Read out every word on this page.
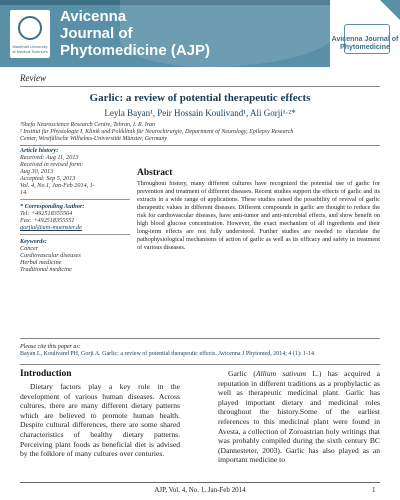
Mashhad University of Medical Sciences
Avicenna
Journal of
Phytomedicine (AJP)
Avicenna Journal of Phytomedicine
Review
Garlic: a review of potential therapeutic effects
Leyla Bayan¹, Peir Hossain Koulivand¹, Ali Gorji¹·²*
¹Shefa Neuroscience Research Centre, Tehran, I. R. Iran
² Institut für Physiologie I, Klinik und Poliklinik für Neurochirurgie, Department of Neurology, Epilepsy Research
Center, Westfälische Wilhelms-Universität Münster, Germany
Article history:
Received: Aug 11, 2013
Received in revised form:
Aug 30, 2013
Accepted: Sep 5, 2013
Vol. 4, No.1, Jan-Feb 2014, 1-
14.
* Corresponding Author:
Tel: +492518355564
Fax: +492518355551
gorjial@uni-muenster.de
Keywords:
Cancer
Cardiovascular diseases
Herbal medicine
Traditional medicine
Abstract
Throughout history, many different cultures have recognized the potential use of garlic for prevention and treatment of different diseases. Recent studies support the effects of garlic and its extracts in a wide range of applications. These studies raised the possibility of revival of garlic therapeutic values in different diseases. Different compounds in garlic are thought to reduce the risk for cardiovascular diseases, have anti-tumor and anti-microbial effects, and show benefit on high blood glucose concentration. However, the exact mechanism of all ingredients and their long-term effects are not fully understood. Further studies are needed to elucidate the pathophysiological mechanisms of action of garlic as well as its efficacy and safety in treatment of various diseases.
Please cite this paper as:
Bayan L, Koulivand PH, Gorji A. Garlic: a review of potential therapeutic effects. Avicenna J Phytomed, 2014; 4 (1): 1-14.
Introduction
Dietary factors play a key role in the development of various human diseases. Across cultures, there are many different dietary patterns which are believed to promote human health. Despite cultural differences, there are some shared characteristics of healthy dietary patterns. Perceiving plant foods as beneficial diet is advised by the folklore of many cultures over centuries.
Garlic (Allium sativum L.) has acquired a reputation in different traditions as a prophylactic as well as therapeutic medicinal plant. Garlic has played important dietary and medicinal roles throughout the history.Some of the earliest references to this medicinal plant were found in Avesta, a collection of Zoroastrian holy writings that was probably compiled during the sixth century BC (Dannesteter, 2003). Garlic has also played as an important medicine to
AJP, Vol. 4, No. 1, Jan-Feb 2014	1
